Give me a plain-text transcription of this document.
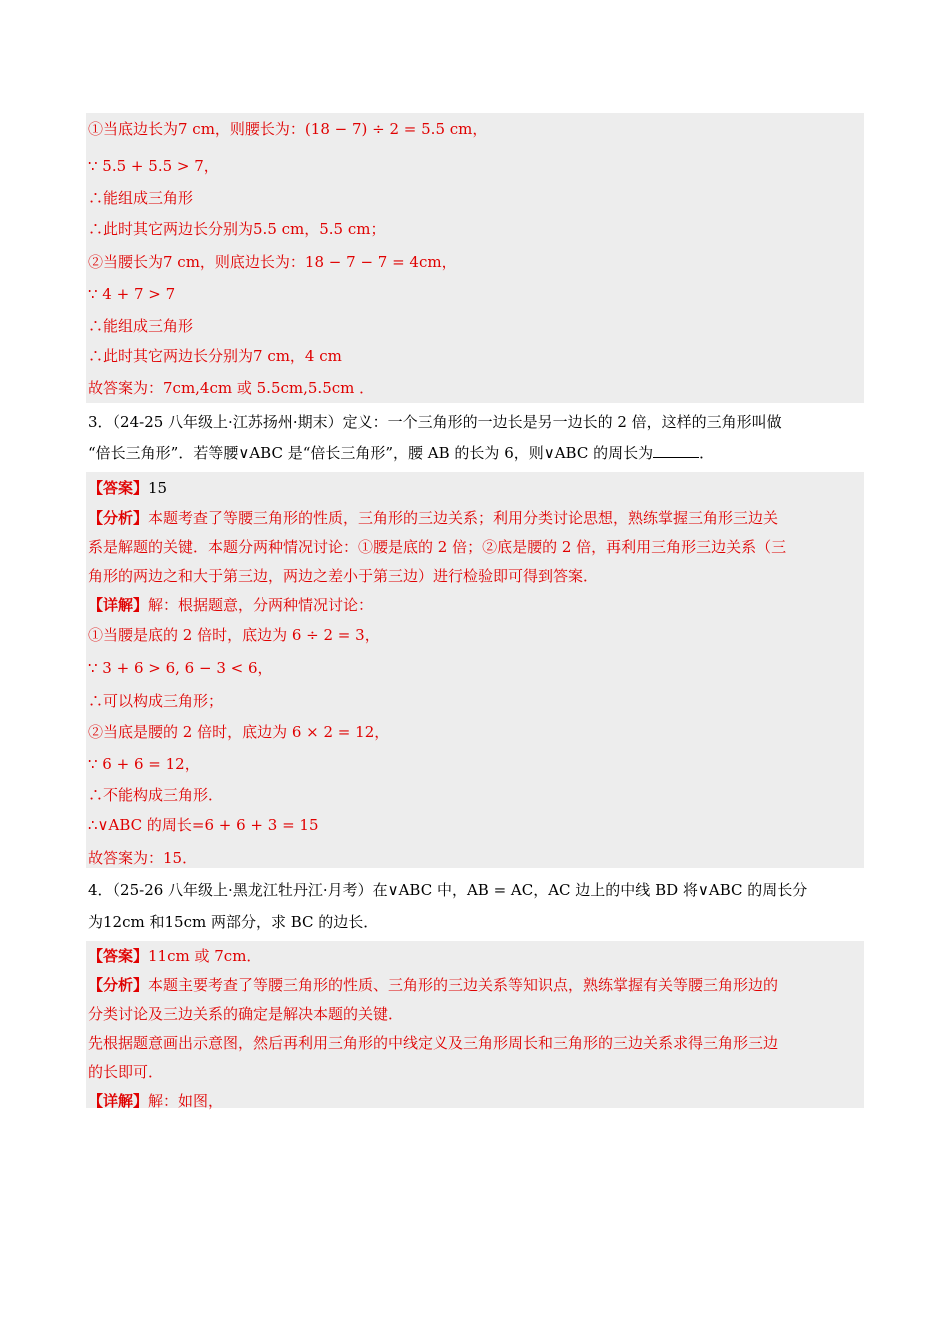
①当底边长为7 cm，则腰长为：(18 − 7) ÷ 2 = 5.5 cm，
∵ 5.5 + 5.5 > 7，
∴能组成三角形
∴此时其它两边长分别为5.5 cm，5.5 cm；
②当腰长为7 cm，则底边长为：18 − 7 − 7 = 4cm，
∵ 4 + 7 > 7
∴能组成三角形
∴此时其它两边长分别为7 cm，4 cm
故答案为：7cm,4cm 或 5.5cm,5.5cm ．
3．（24-25 八年级上·江苏扬州·期末）定义：一个三角形的一边长是另一边长的 2 倍，这样的三角形叫做
“倍长三角形”．若等腰∨ABC 是“倍长三角形”，腰 AB 的长为 6，则∨ABC 的周长为	．
【答案】15
【分析】本题考查了等腰三角形的性质，三角形的三边关系；利用分类讨论思想，熟练掌握三角形三边关
系是解题的关键．本题分两种情况讨论：①腰是底的 2 倍；②底是腰的 2 倍，再利用三角形三边关系（三
角形的两边之和大于第三边，两边之差小于第三边）进行检验即可得到答案．
【详解】解：根据题意，分两种情况讨论：
①当腰是底的 2 倍时，底边为 6 ÷ 2 = 3，
∵ 3 + 6 > 6, 6 − 3 < 6，
∴可以构成三角形；
②当底是腰的 2 倍时，底边为 6 × 2 = 12，
∵ 6 + 6 = 12，
∴不能构成三角形．
∴∨ABC 的周长=6 + 6 + 3 = 15
故答案为：15．
4．（25-26 八年级上·黑龙江牡丹江·月考）在∨ABC 中，AB = AC，AC 边上的中线 BD 将∨ABC 的周长分
为12cm 和15cm 两部分，求 BC 的边长．
【答案】11cm 或 7cm．
【分析】本题主要考查了等腰三角形的性质、三角形的三边关系等知识点，熟练掌握有关等腰三角形边的
分类讨论及三边关系的确定是解决本题的关键．
先根据题意画出示意图，然后再利用三角形的中线定义及三角形周长和三角形的三边关系求得三角形三边
的长即可．
【详解】解：如图，
